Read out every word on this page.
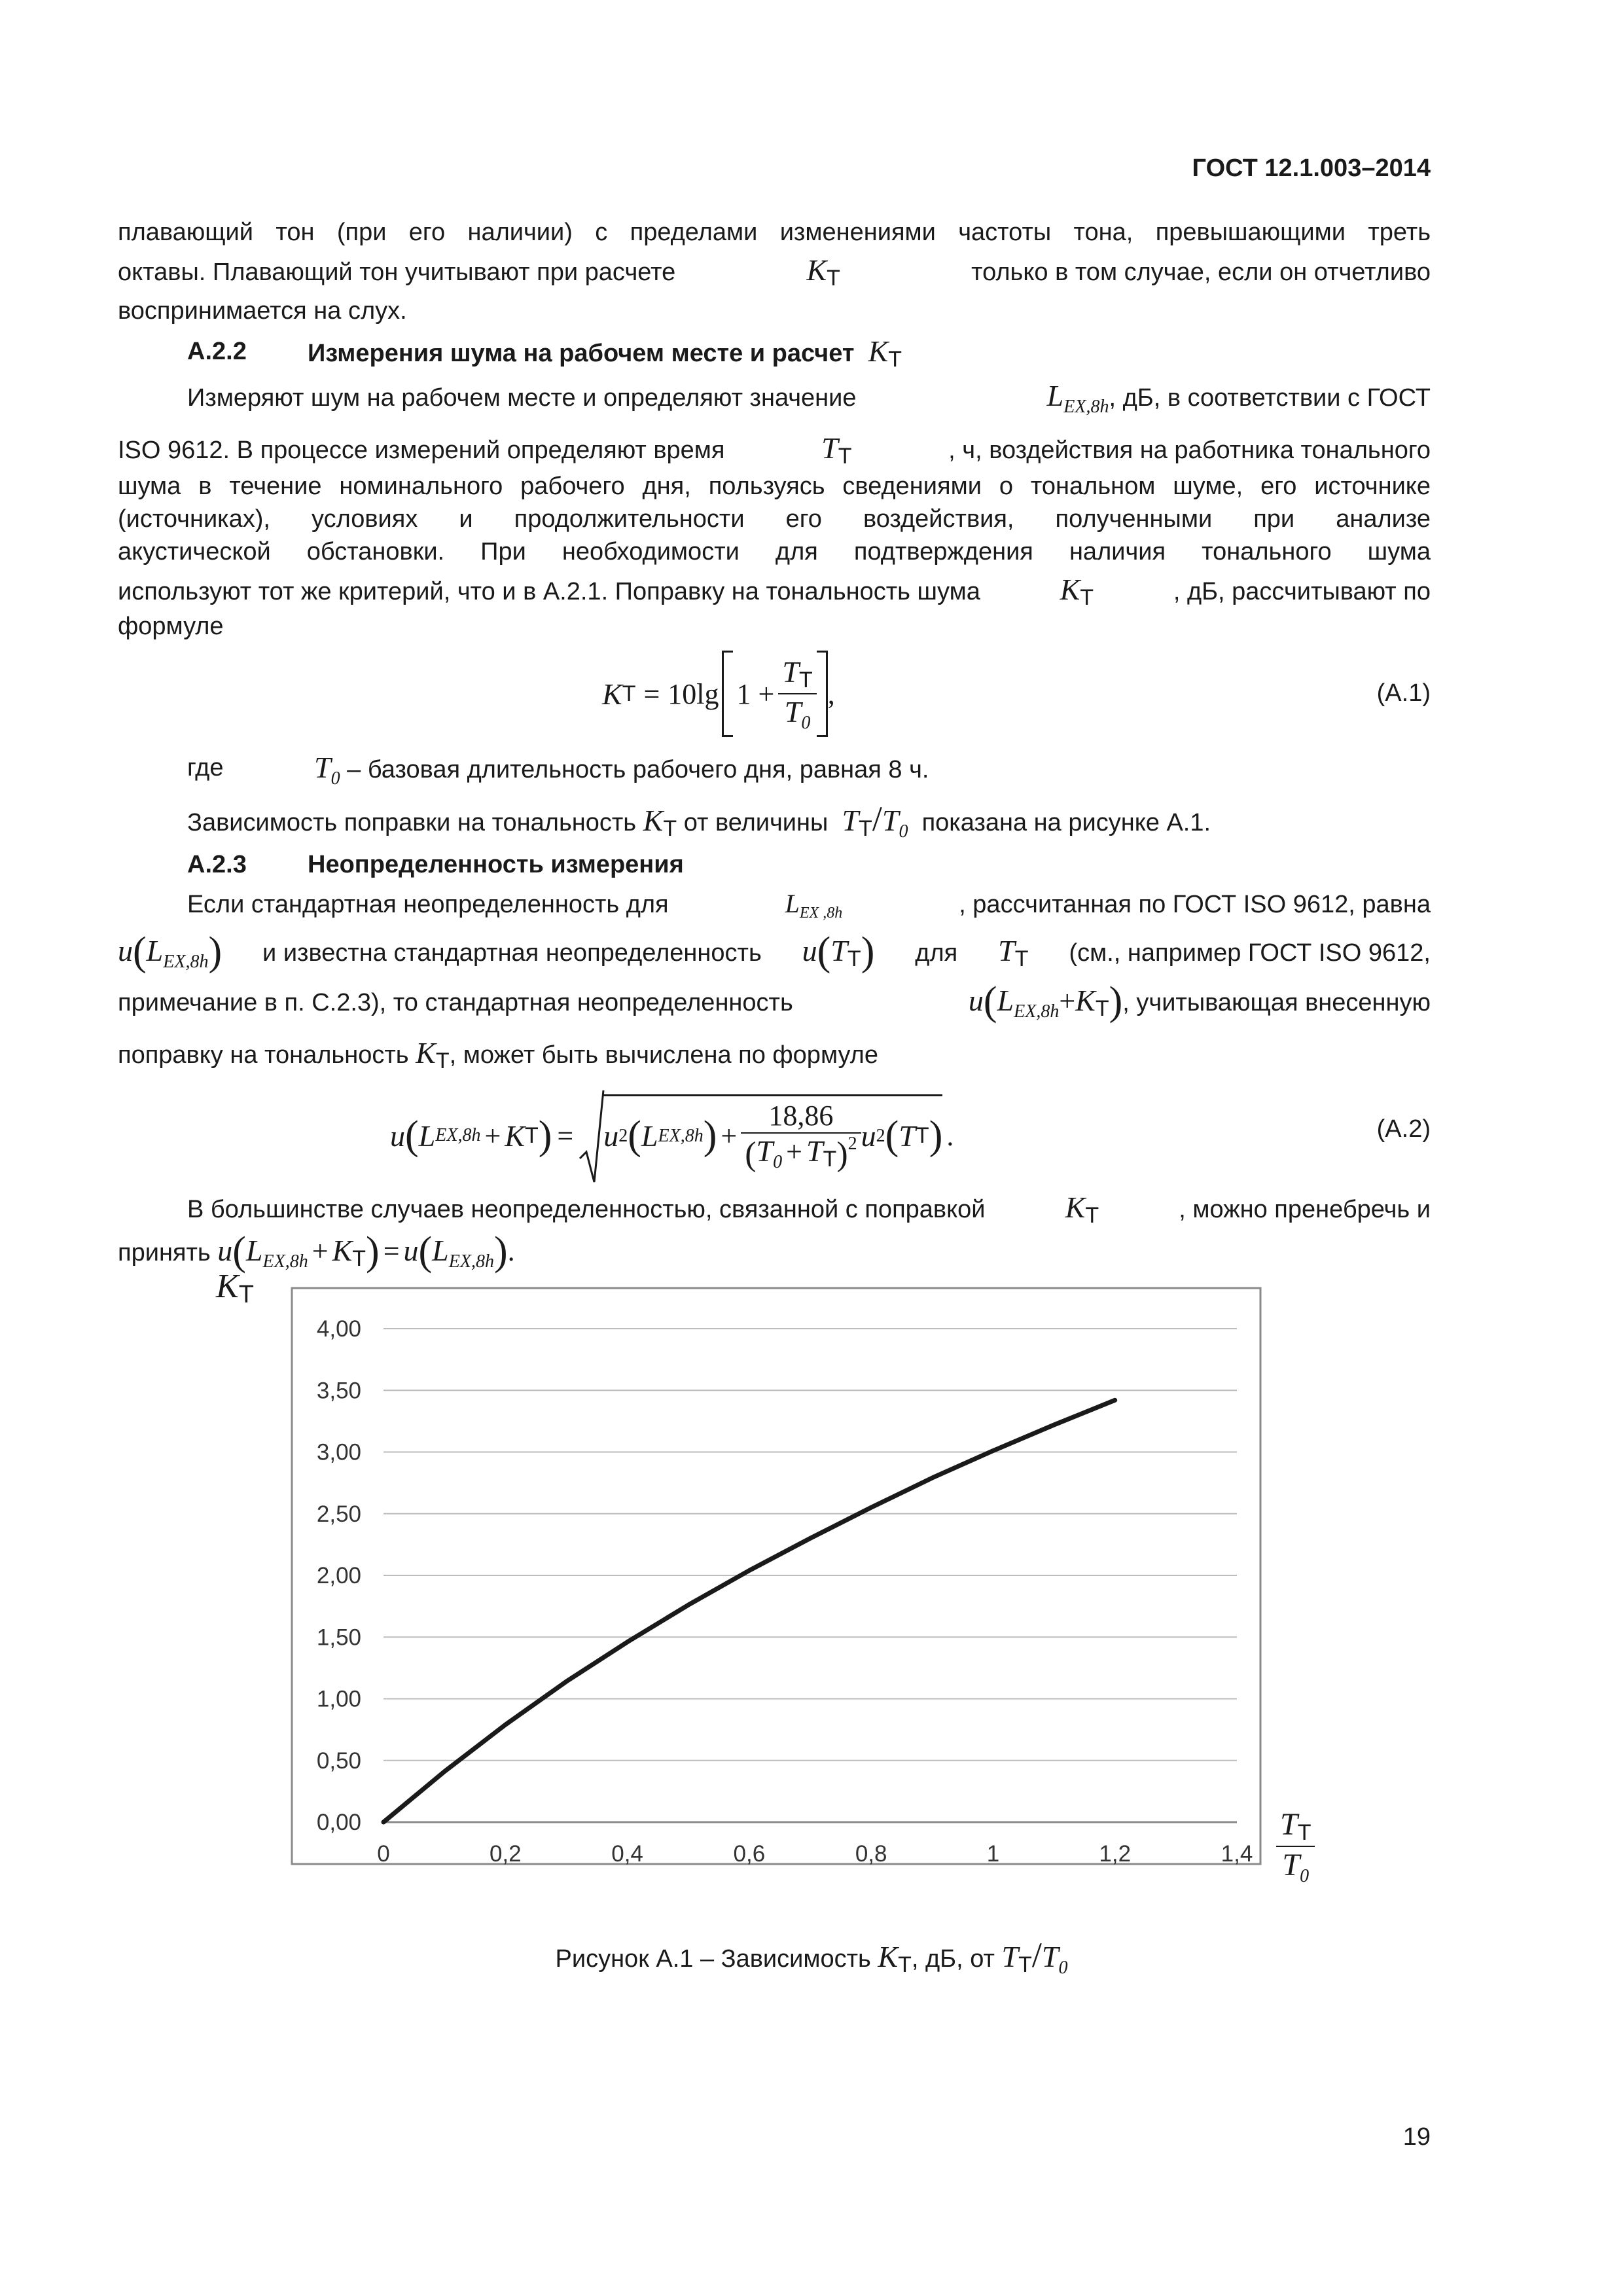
ГОСТ 12.1.003–2014
плавающий тон (при его наличии) с пределами изменениями частоты тона, превышающими треть
октавы. Плавающий тон учитывают при расчете	KТ	только в том случае, если он отчетливо
воспринимается на слух.
А.2.2 Измерения шума на рабочем месте и расчет KТ
Измеряют шум на рабочем месте и определяют значение	$L_{EX,8h}$, дБ, в соответствии с ГОСТ
ISO 9612. В процессе измерений определяют время	TТ	, ч, воздействия на работника тонального
шума в течение номинального рабочего дня, пользуясь сведениями о тональном шуме, его источнике
(источниках), условиях и продолжительности его воздействия, полученными при анализе
акустической обстановки. При необходимости для подтверждения наличия тонального шума
используют тот же критерий, что и в А.2.1. Поправку на тональность шума	KТ	, дБ, рассчитывают по
формуле
K Т = 10lg $1 + \frac{TТ}{T_0}$ ,	(А.1)
где	$T_0$ – базовая длительность рабочего дня, равная 8 ч.
Зависимость поправки на тональность KТ от величины $TТ/T_0$ показана на рисунке А.1.
А.2.3 Неопределенность измерения
Если стандартная неопределенность для	$L_{EX ,8h}$	, рассчитанная по ГОСТ ISO 9612, равна
$u(L_{EX,8h})$ и известна стандартная неопределенность u(TТ) для TТ (см., например ГОСТ ISO 9612,
примечание в п. С.2.3), то стандартная неопределенность	$u(L_{EX,8h}+KТ)$, учитывающая внесенную
поправку на тональность KТ, может быть вычислена по формуле
u ( L EX,8h + K Т ) = u 2 ( L EX,8h ) + $\frac{18,86}{(T0 + TТ)2}$ u 2 ( T Т ) .	(А.2)
В большинстве случаев неопределенностью, связанной с поправкой	KТ	, можно пренебречь и
принять $u(L_{EX,8h} + KТ) = u(L_{EX,8h})$.
0,00
0,50
1,00
1,50
2,00
2,50
3,00
3,50
4,00
0	0,2	0,4	0,6	0,8	1	1,2	1,4
KТ
$\frac{TТ}{T_0}$
Рисунок А.1 – Зависимость KТ, дБ, от $TТ/T_0$
19
